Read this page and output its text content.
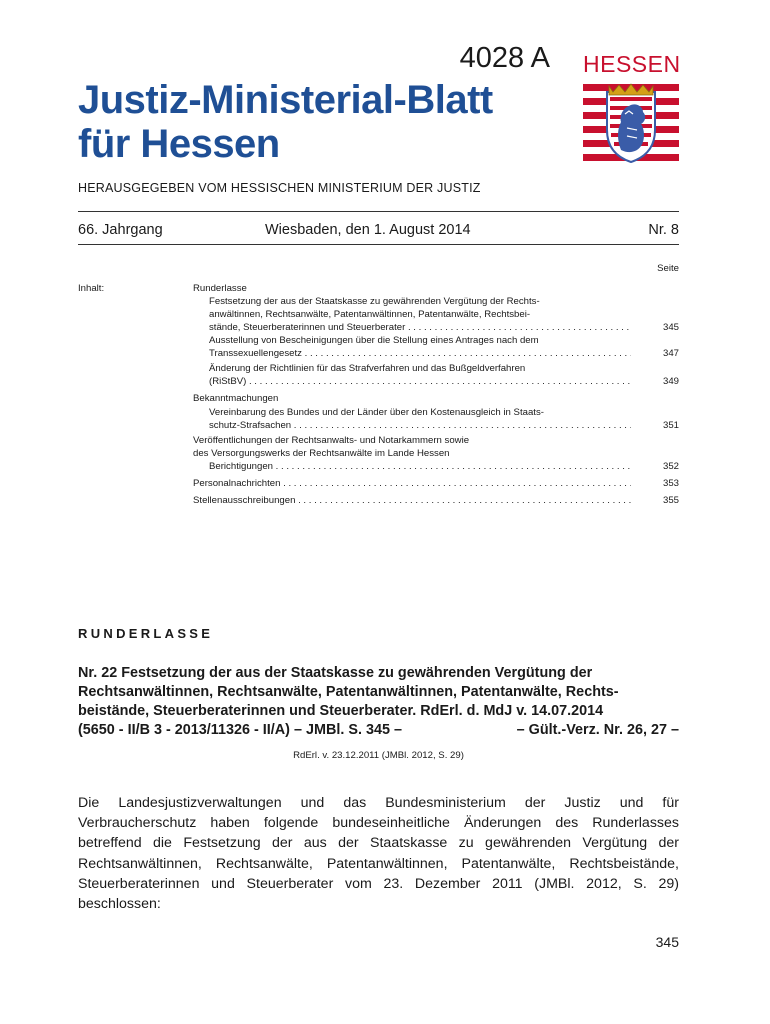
4028 A
Justiz-Ministerial-Blatt
für Hessen
HESSEN
HERAUSGEGEBEN VOM HESSISCHEN MINISTERIUM DER JUSTIZ
66. Jahrgang	Wiesbaden, den 1. August 2014	Nr. 8
Seite
Inhalt:	Runderlasse
Festsetzung der aus der Staatskasse zu gewährenden Vergütung der Rechts-
anwältinnen, Rechtsanwälte, Patentanwältinnen, Patentanwälte, Rechtsbei-
stände, Steuerberaterinnen und Steuerberater . . .	345
Ausstellung von Bescheinigungen über die Stellung eines Antrages nach dem
Transsexuellengesetz . . .	347
Änderung der Richtlinien für das Strafverfahren und das Bußgeldverfahren
(RiStBV) . . .	349
Bekanntmachungen
Vereinbarung des Bundes und der Länder über den Kostenausgleich in Staats-
schutz-Strafsachen . . .	351
Veröffentlichungen der Rechtsanwalts- und Notarkammern sowie
des Versorgungswerks der Rechtsanwälte im Lande Hessen
Berichtigungen . . .	352
Personalnachrichten . . .	353
Stellenausschreibungen . . .	355
RUNDERLASSE
Nr. 22 Festsetzung der aus der Staatskasse zu gewährenden Vergütung der
Rechtsanwältinnen, Rechtsanwälte, Patentanwältinnen, Patentanwälte, Rechts-
beistände, Steuerberaterinnen und Steuerberater. RdErl. d. MdJ v. 14.07.2014
(5650 - II/B 3 - 2013/11326 - II/A) – JMBl. S. 345 –	– Gült.-Verz. Nr. 26, 27 –
RdErl. v. 23.12.2011 (JMBl. 2012, S. 29)
Die Landesjustizverwaltungen und das Bundesministerium der Justiz und für Verbraucherschutz haben folgende bundeseinheitliche Änderungen des Runderlasses betreffend die Festsetzung der aus der Staatskasse zu gewährenden Vergütung der Rechtsanwältinnen, Rechtsanwälte, Patentanwältinnen, Patentanwälte, Rechtsbeistände, Steuerberaterinnen und Steuerberater vom 23. Dezember 2011 (JMBl. 2012, S. 29) beschlossen:
345
